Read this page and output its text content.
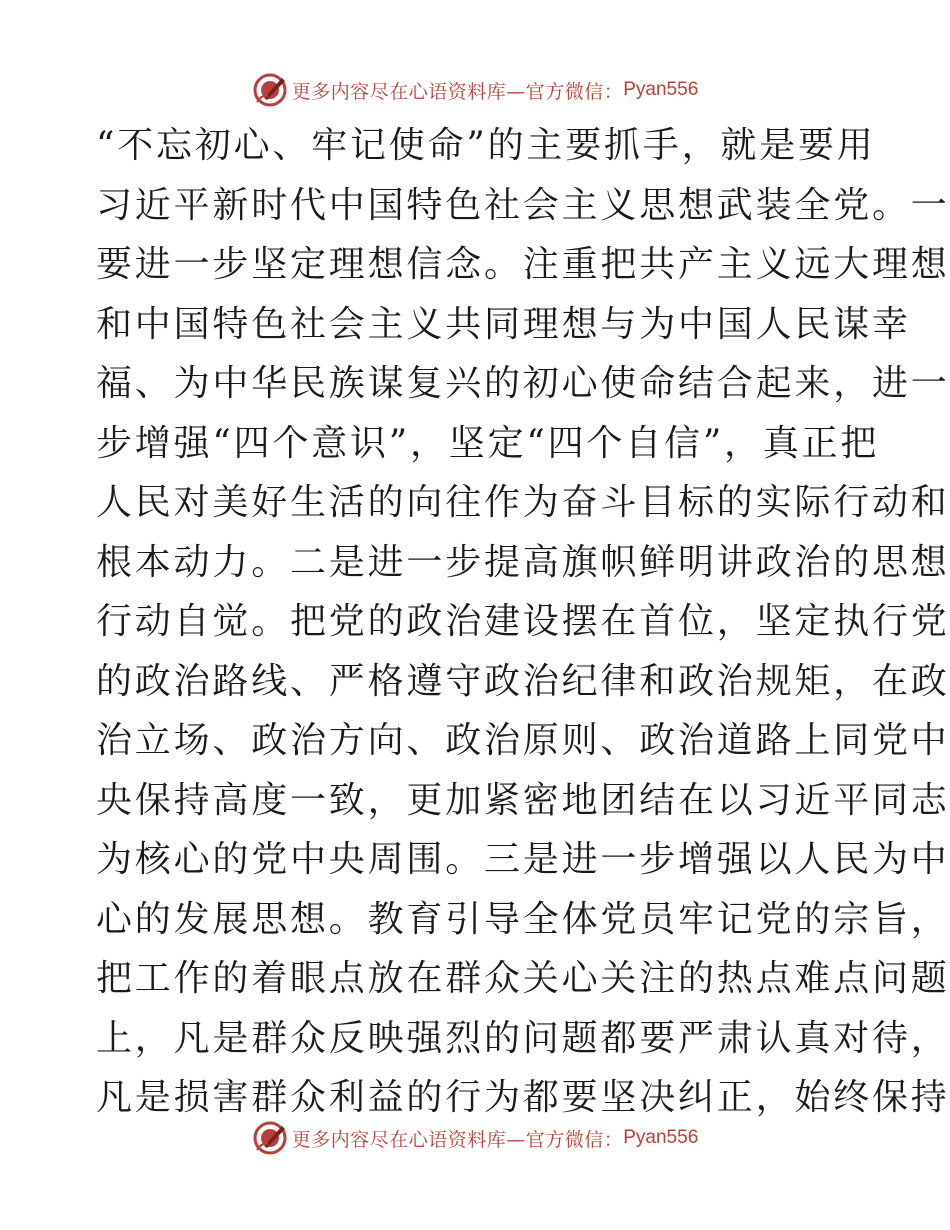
更多内容尽在心语资料库—官方微信： Pyan556
“不忘初心、牢记使命”的主要抓手，就是要用
习近平新时代中国特色社会主义思想武装全党。一
要进一步坚定理想信念。注重把共产主义远大理想
和中国特色社会主义共同理想与为中国人民谋幸
福、为中华民族谋复兴的初心使命结合起来，进一
步增强“四个意识”，坚定“四个自信”，真正把
人民对美好生活的向往作为奋斗目标的实际行动和
根本动力。二是进一步提高旗帜鲜明讲政治的思想
行动自觉。把党的政治建设摆在首位，坚定执行党
的政治路线、严格遵守政治纪律和政治规矩，在政
治立场、政治方向、政治原则、政治道路上同党中
央保持高度一致，更加紧密地团结在以习近平同志
为核心的党中央周围。三是进一步增强以人民为中
心的发展思想。教育引导全体党员牢记党的宗旨，
把工作的着眼点放在群众关心关注的热点难点问题
上，凡是群众反映强烈的问题都要严肃认真对待，
凡是损害群众利益的行为都要坚决纠正，始终保持
更多内容尽在心语资料库—官方微信： Pyan556
